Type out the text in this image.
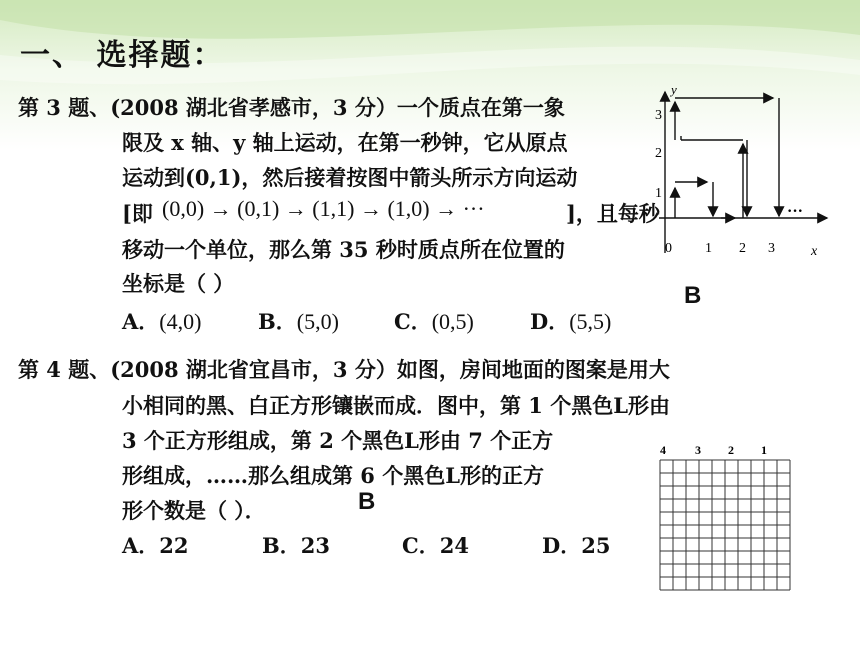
一、 选择题：
第 3 题、(2008 湖北省孝感市，3 分）一个质点在第一象
限及 x 轴、y 轴上运动，在第一秒钟，它从原点
运动到(0,1)，然后接着按图中箭头所示方向运动
[即 (0,0) → (0,1) → (1,1) → (1,0) → ···	]，且每秒
移动一个单位，那么第 35 秒时质点所在位置的
坐标是（ ）	B
A．(4,0)	B．(5,0)	C．(0,5)	D．(5,5)
y
x
0 1 2 3
1
2
3
···
第 4 题、(2008 湖北省宜昌市，3 分）如图，房间地面的图案是用大
小相同的黑、白正方形镶嵌而成．图中，第 1 个黑色L形由
3 个正方形组成，第 2 个黑色L形由 7 个正方
形组成，……那么组成第 6 个黑色L形的正方
形个数是（ ）．	B
A．22	B．23	C．24	D．25
4 3 2 1
